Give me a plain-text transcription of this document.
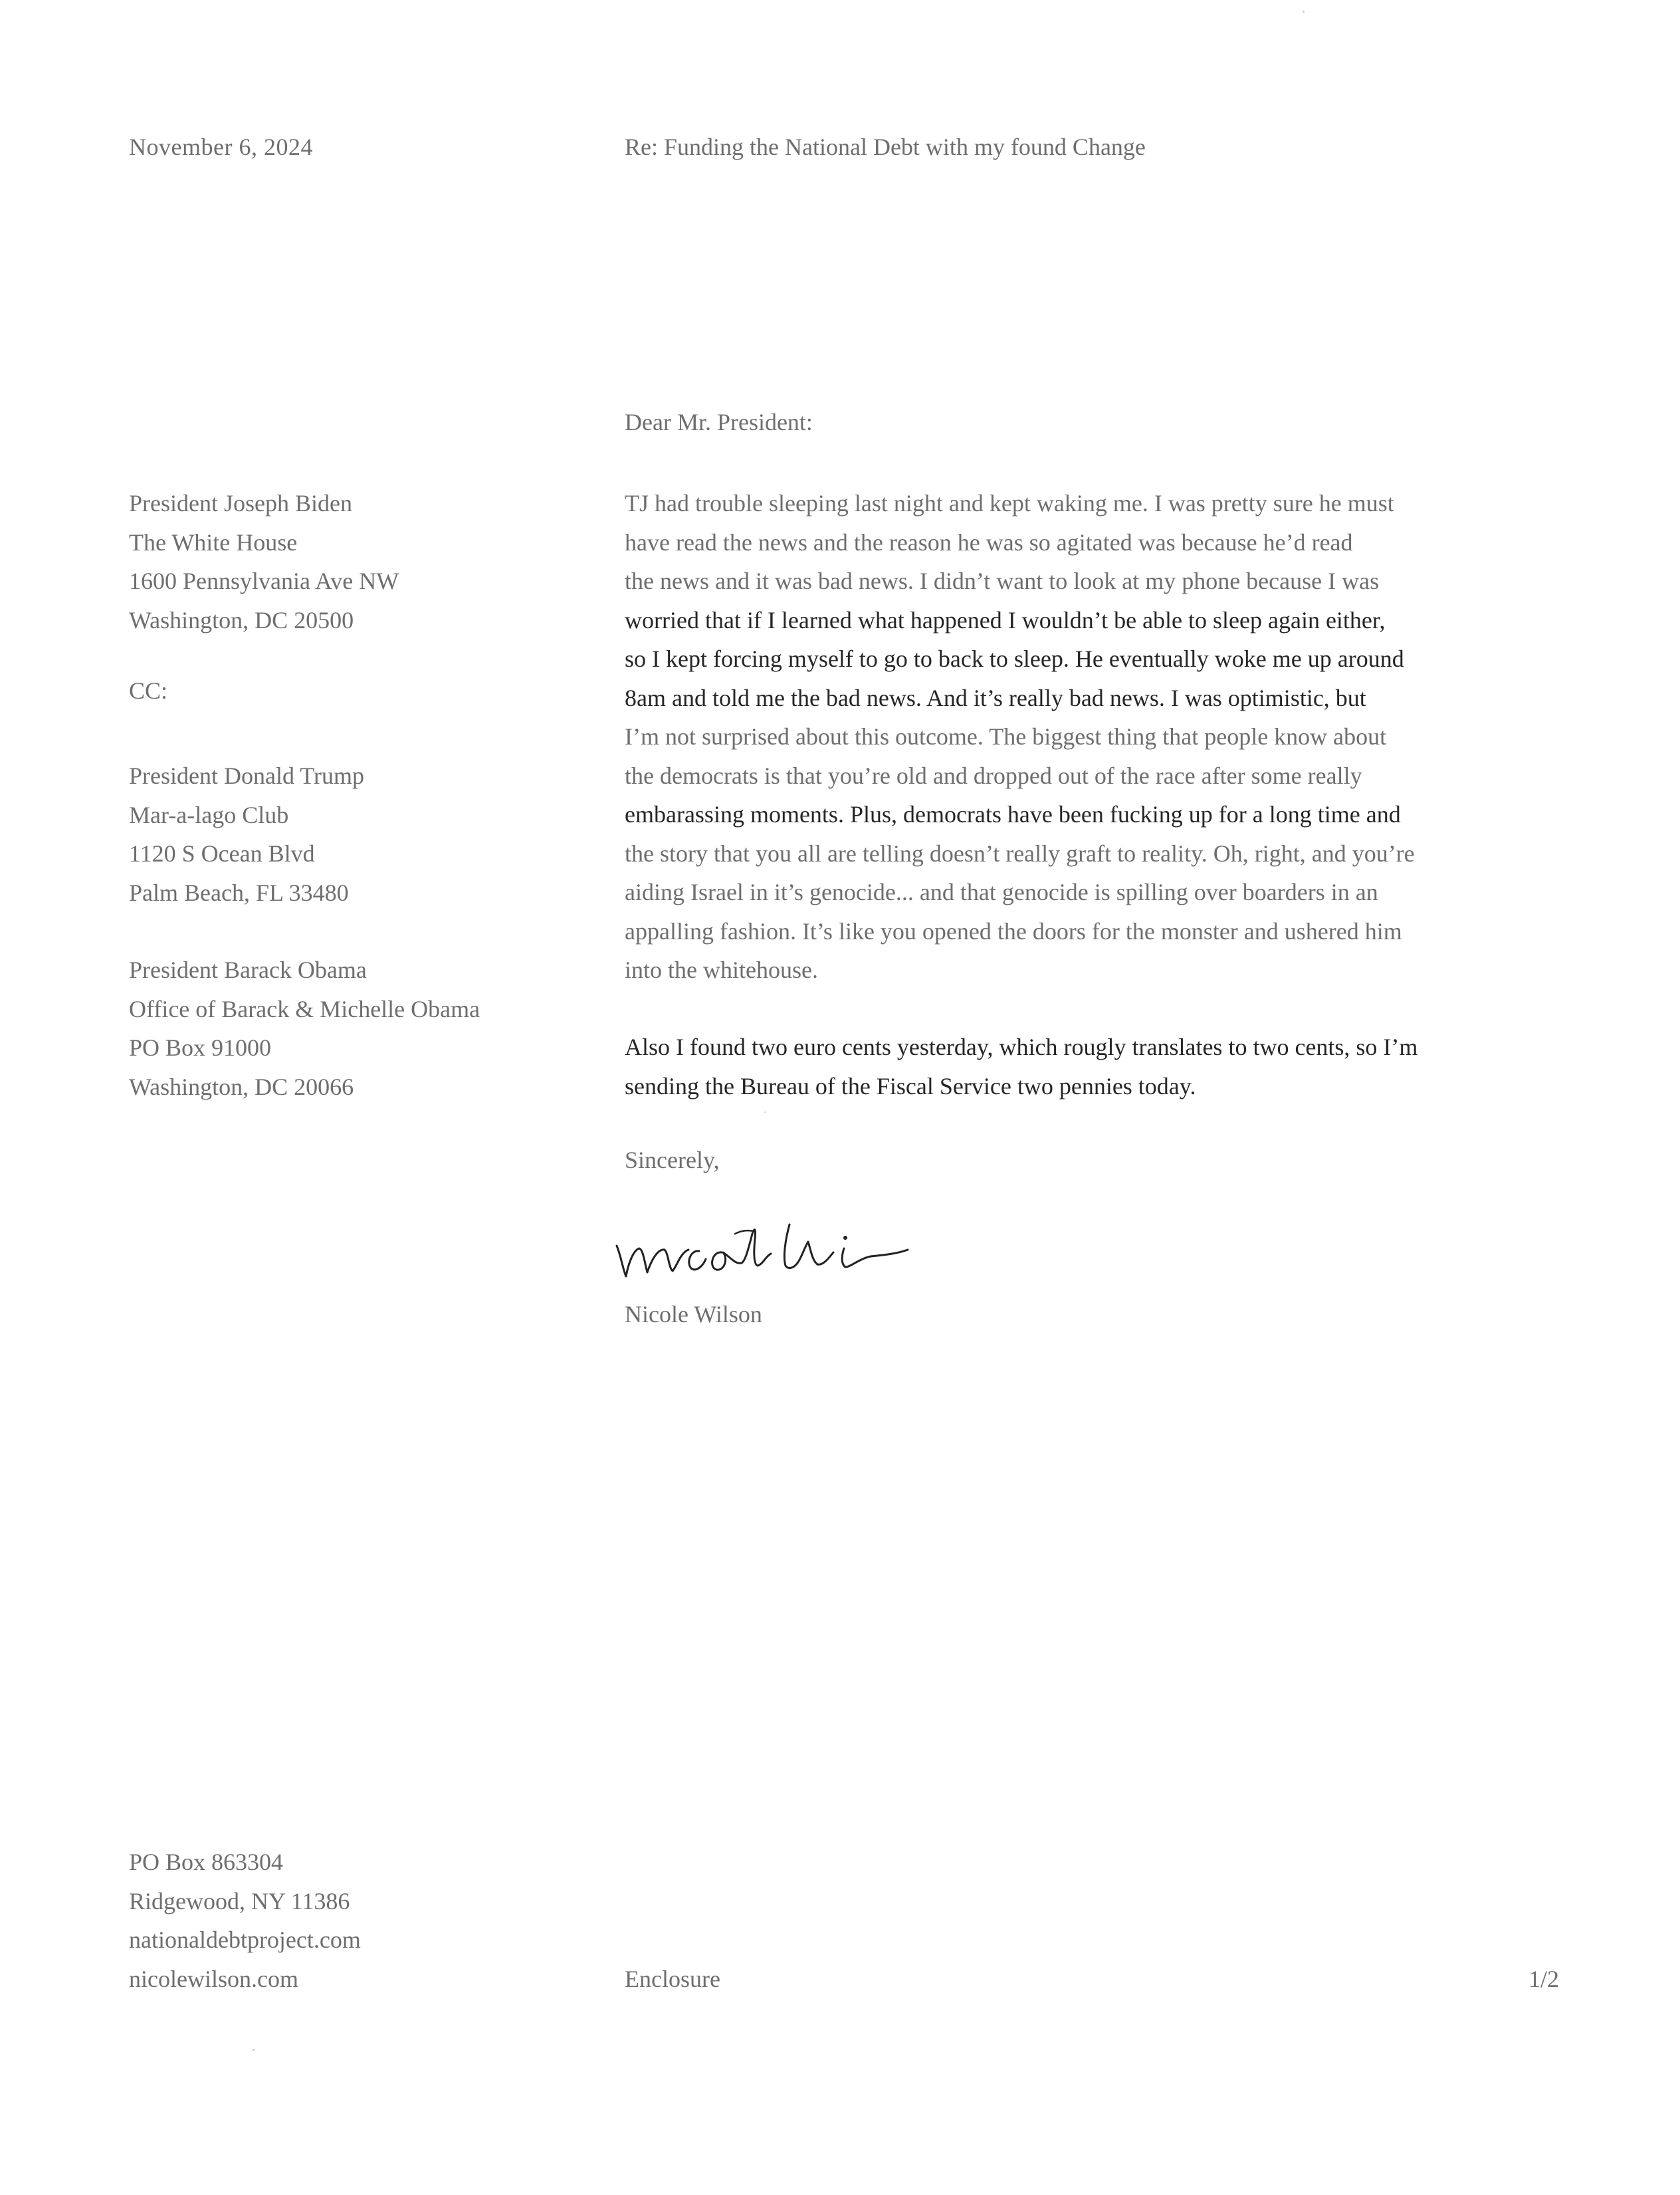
November 6, 2024	Re: Funding the National Debt with my found Change
Dear Mr. President:
President Joseph Biden
The White House
1600 Pennsylvania Ave NW
Washington, DC 20500
CC:
President Donald Trump
Mar-a-lago Club
1120 S Ocean Blvd
Palm Beach, FL 33480
President Barack Obama
Office of Barack & Michelle Obama
PO Box 91000
Washington, DC 20066
TJ had trouble sleeping last night and kept waking me. I was pretty sure he must
have read the news and the reason he was so agitated was because he’d read
the news and it was bad news. I didn’t want to look at my phone because I was
worried that if I learned what happened I wouldn’t be able to sleep again either,
so I kept forcing myself to go to back to sleep. He eventually woke me up around
8am and told me the bad news. And it’s really bad news. I was optimistic, but
I’m not surprised about this outcome. The biggest thing that people know about
the democrats is that you’re old and dropped out of the race after some really
embarassing moments. Plus, democrats have been fucking up for a long time and
the story that you all are telling doesn’t really graft to reality. Oh, right, and you’re
aiding Israel in it’s genocide... and that genocide is spilling over boarders in an
appalling fashion. It’s like you opened the doors for the monster and ushered him
into the whitehouse.
Also I found two euro cents yesterday, which rougly translates to two cents, so I’m
sending the Bureau of the Fiscal Service two pennies today.
Sincerely,
Nicole Wilson
PO Box 863304
Ridgewood, NY 11386
nationaldebtproject.com
nicolewilson.com	Enclosure	1/2
